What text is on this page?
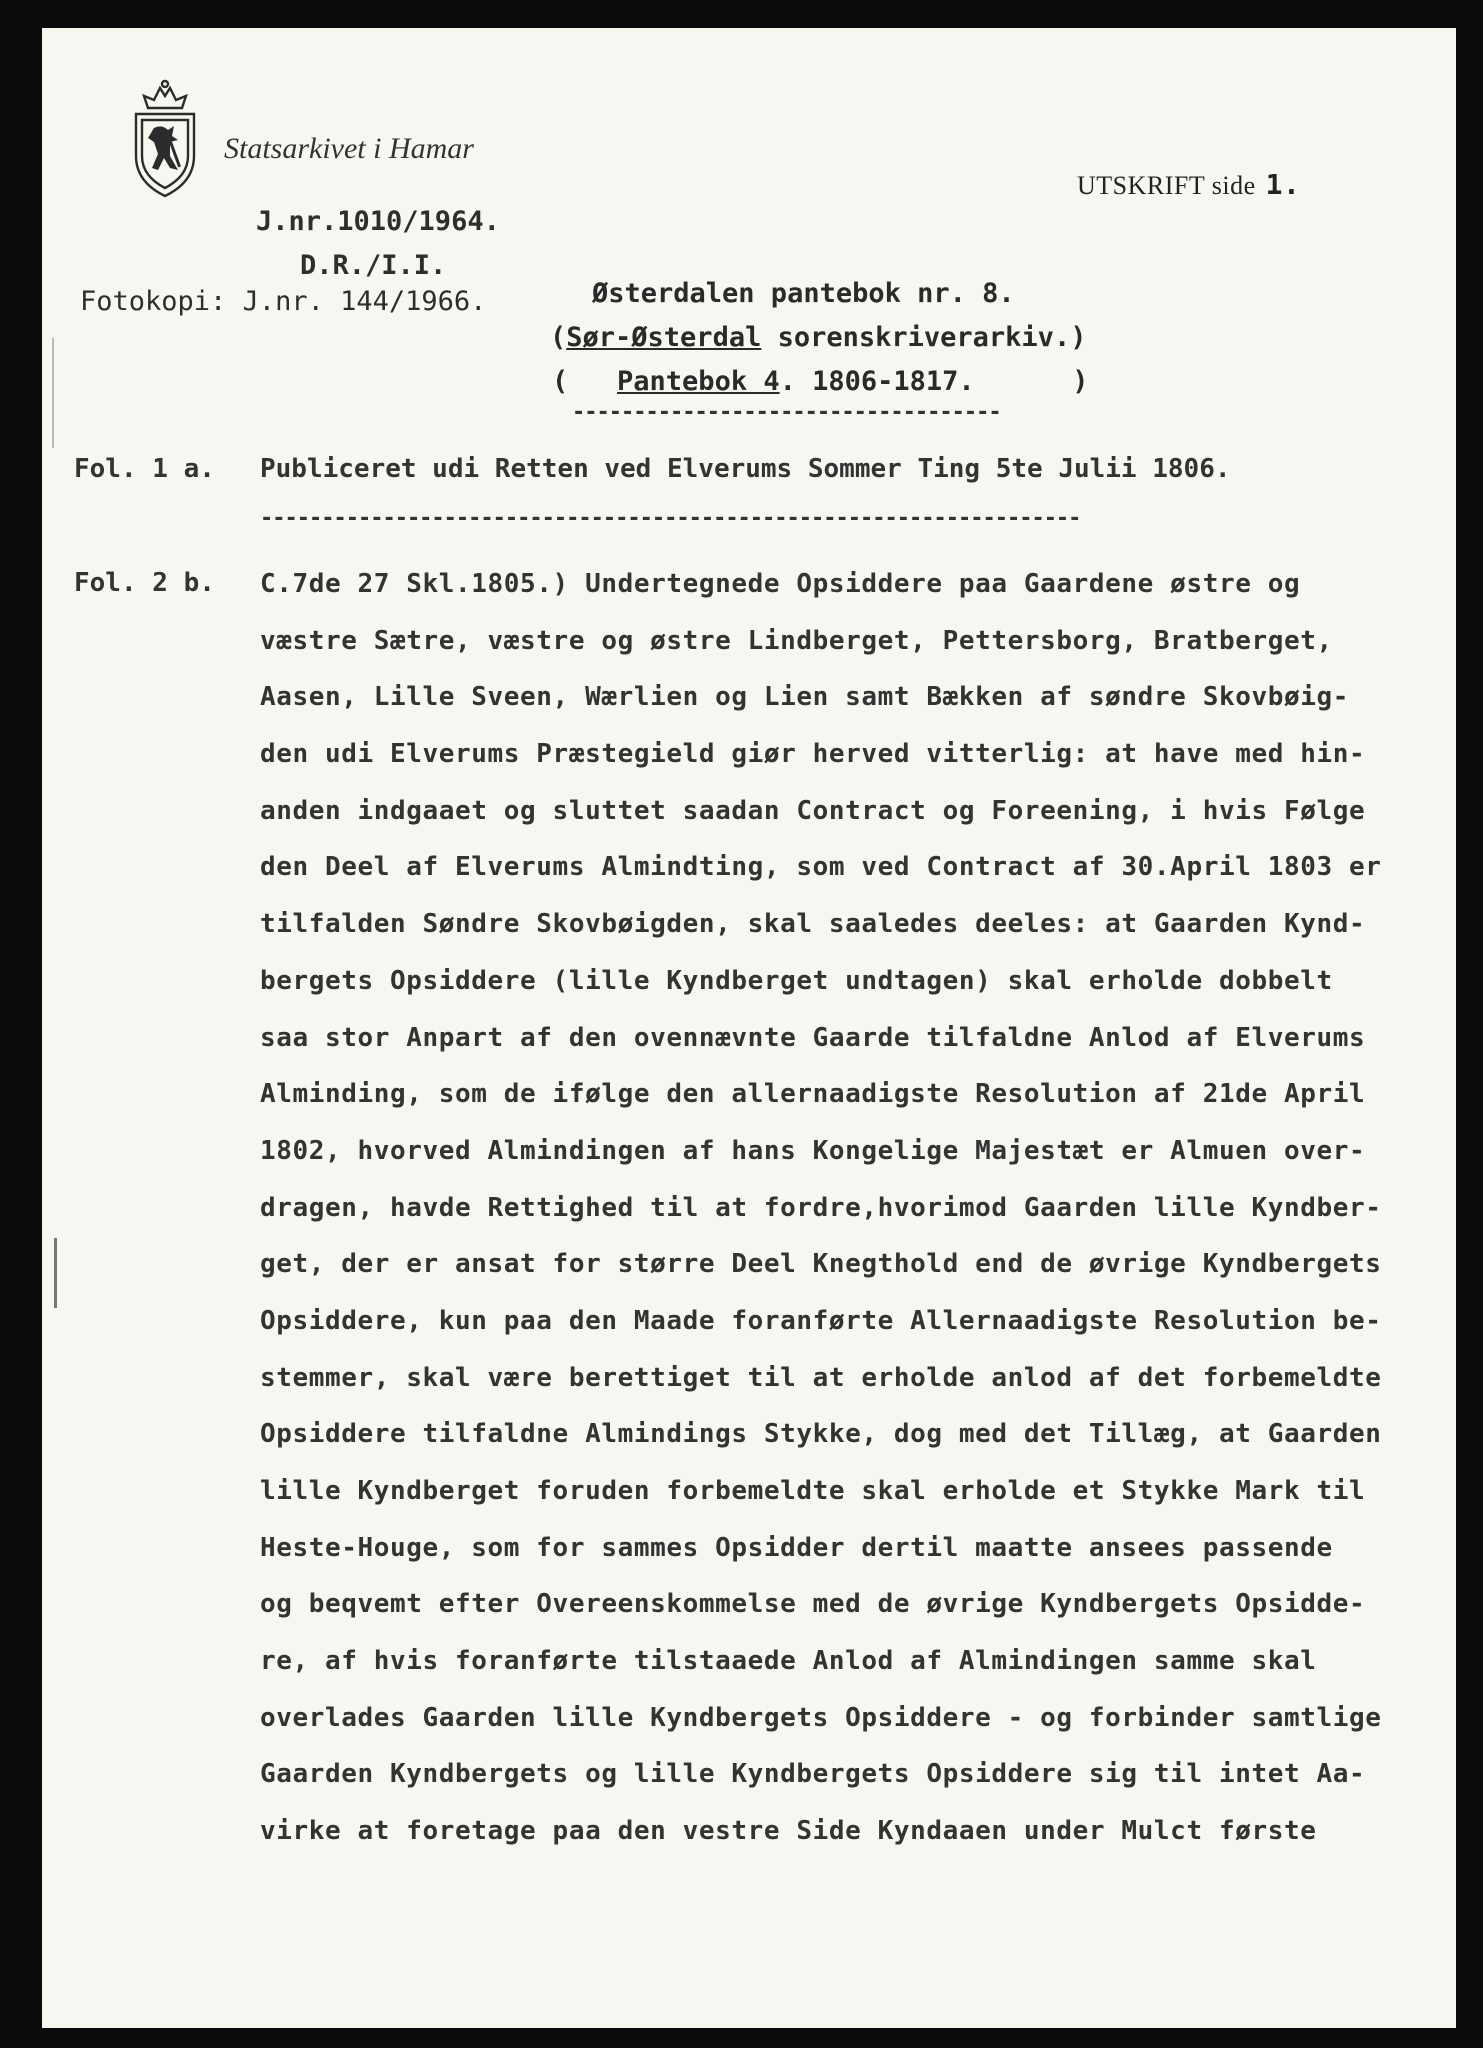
Statsarkivet i Hamar
UTSKRIFT side 1.
J.nr.1010/1964.
D.R./I.I.
Fotokopi: J.nr. 144/1966.	Østerdalen pantebok nr. 8.
(Sør-Østerdal sorenskriverarkiv.)
(   Pantebok 4. 1806-1817.      )
-----------------------------------
Fol. 1 a. Publiceret udi Retten ved Elverums Sommer Ting 5te Julii 1806.
-------------------------------------------------------------------
Fol. 2 b. C.7de 27 Skl.1805.) Undertegnede Opsiddere paa Gaardene østre og
væstre Sætre, væstre og østre Lindberget, Pettersborg, Bratberget,
Aasen, Lille Sveen, Wærlien og Lien samt Bækken af søndre Skovbøig-
den udi Elverums Præstegield giør herved vitterlig: at have med hin-
anden indgaaet og sluttet saadan Contract og Foreening, i hvis Følge
den Deel af Elverums Almindting, som ved Contract af 30.April 1803 er
tilfalden Søndre Skovbøigden, skal saaledes deeles: at Gaarden Kynd-
bergets Opsiddere (lille Kyndberget undtagen) skal erholde dobbelt
saa stor Anpart af den ovennævnte Gaarde tilfaldne Anlod af Elverums
Alminding, som de ifølge den allernaadigste Resolution af 21de April
1802, hvorved Almindingen af hans Kongelige Majestæt er Almuen over-
dragen, havde Rettighed til at fordre,hvorimod Gaarden lille Kyndber-
get, der er ansat for større Deel Knegthold end de øvrige Kyndbergets
Opsiddere, kun paa den Maade foranførte Allernaadigste Resolution be-
stemmer, skal være berettiget til at erholde anlod af det forbemeldte
Opsiddere tilfaldne Almindings Stykke, dog med det Tillæg, at Gaarden
lille Kyndberget foruden forbemeldte skal erholde et Stykke Mark til
Heste-Houge, som for sammes Opsidder dertil maatte ansees passende
og beqvemt efter Overeenskommelse med de øvrige Kyndbergets Opsidde-
re, af hvis foranførte tilstaaede Anlod af Almindingen samme skal
overlades Gaarden lille Kyndbergets Opsiddere - og forbinder samtlige
Gaarden Kyndbergets og lille Kyndbergets Opsiddere sig til intet Aa-
virke at foretage paa den vestre Side Kyndaaen under Mulct første
